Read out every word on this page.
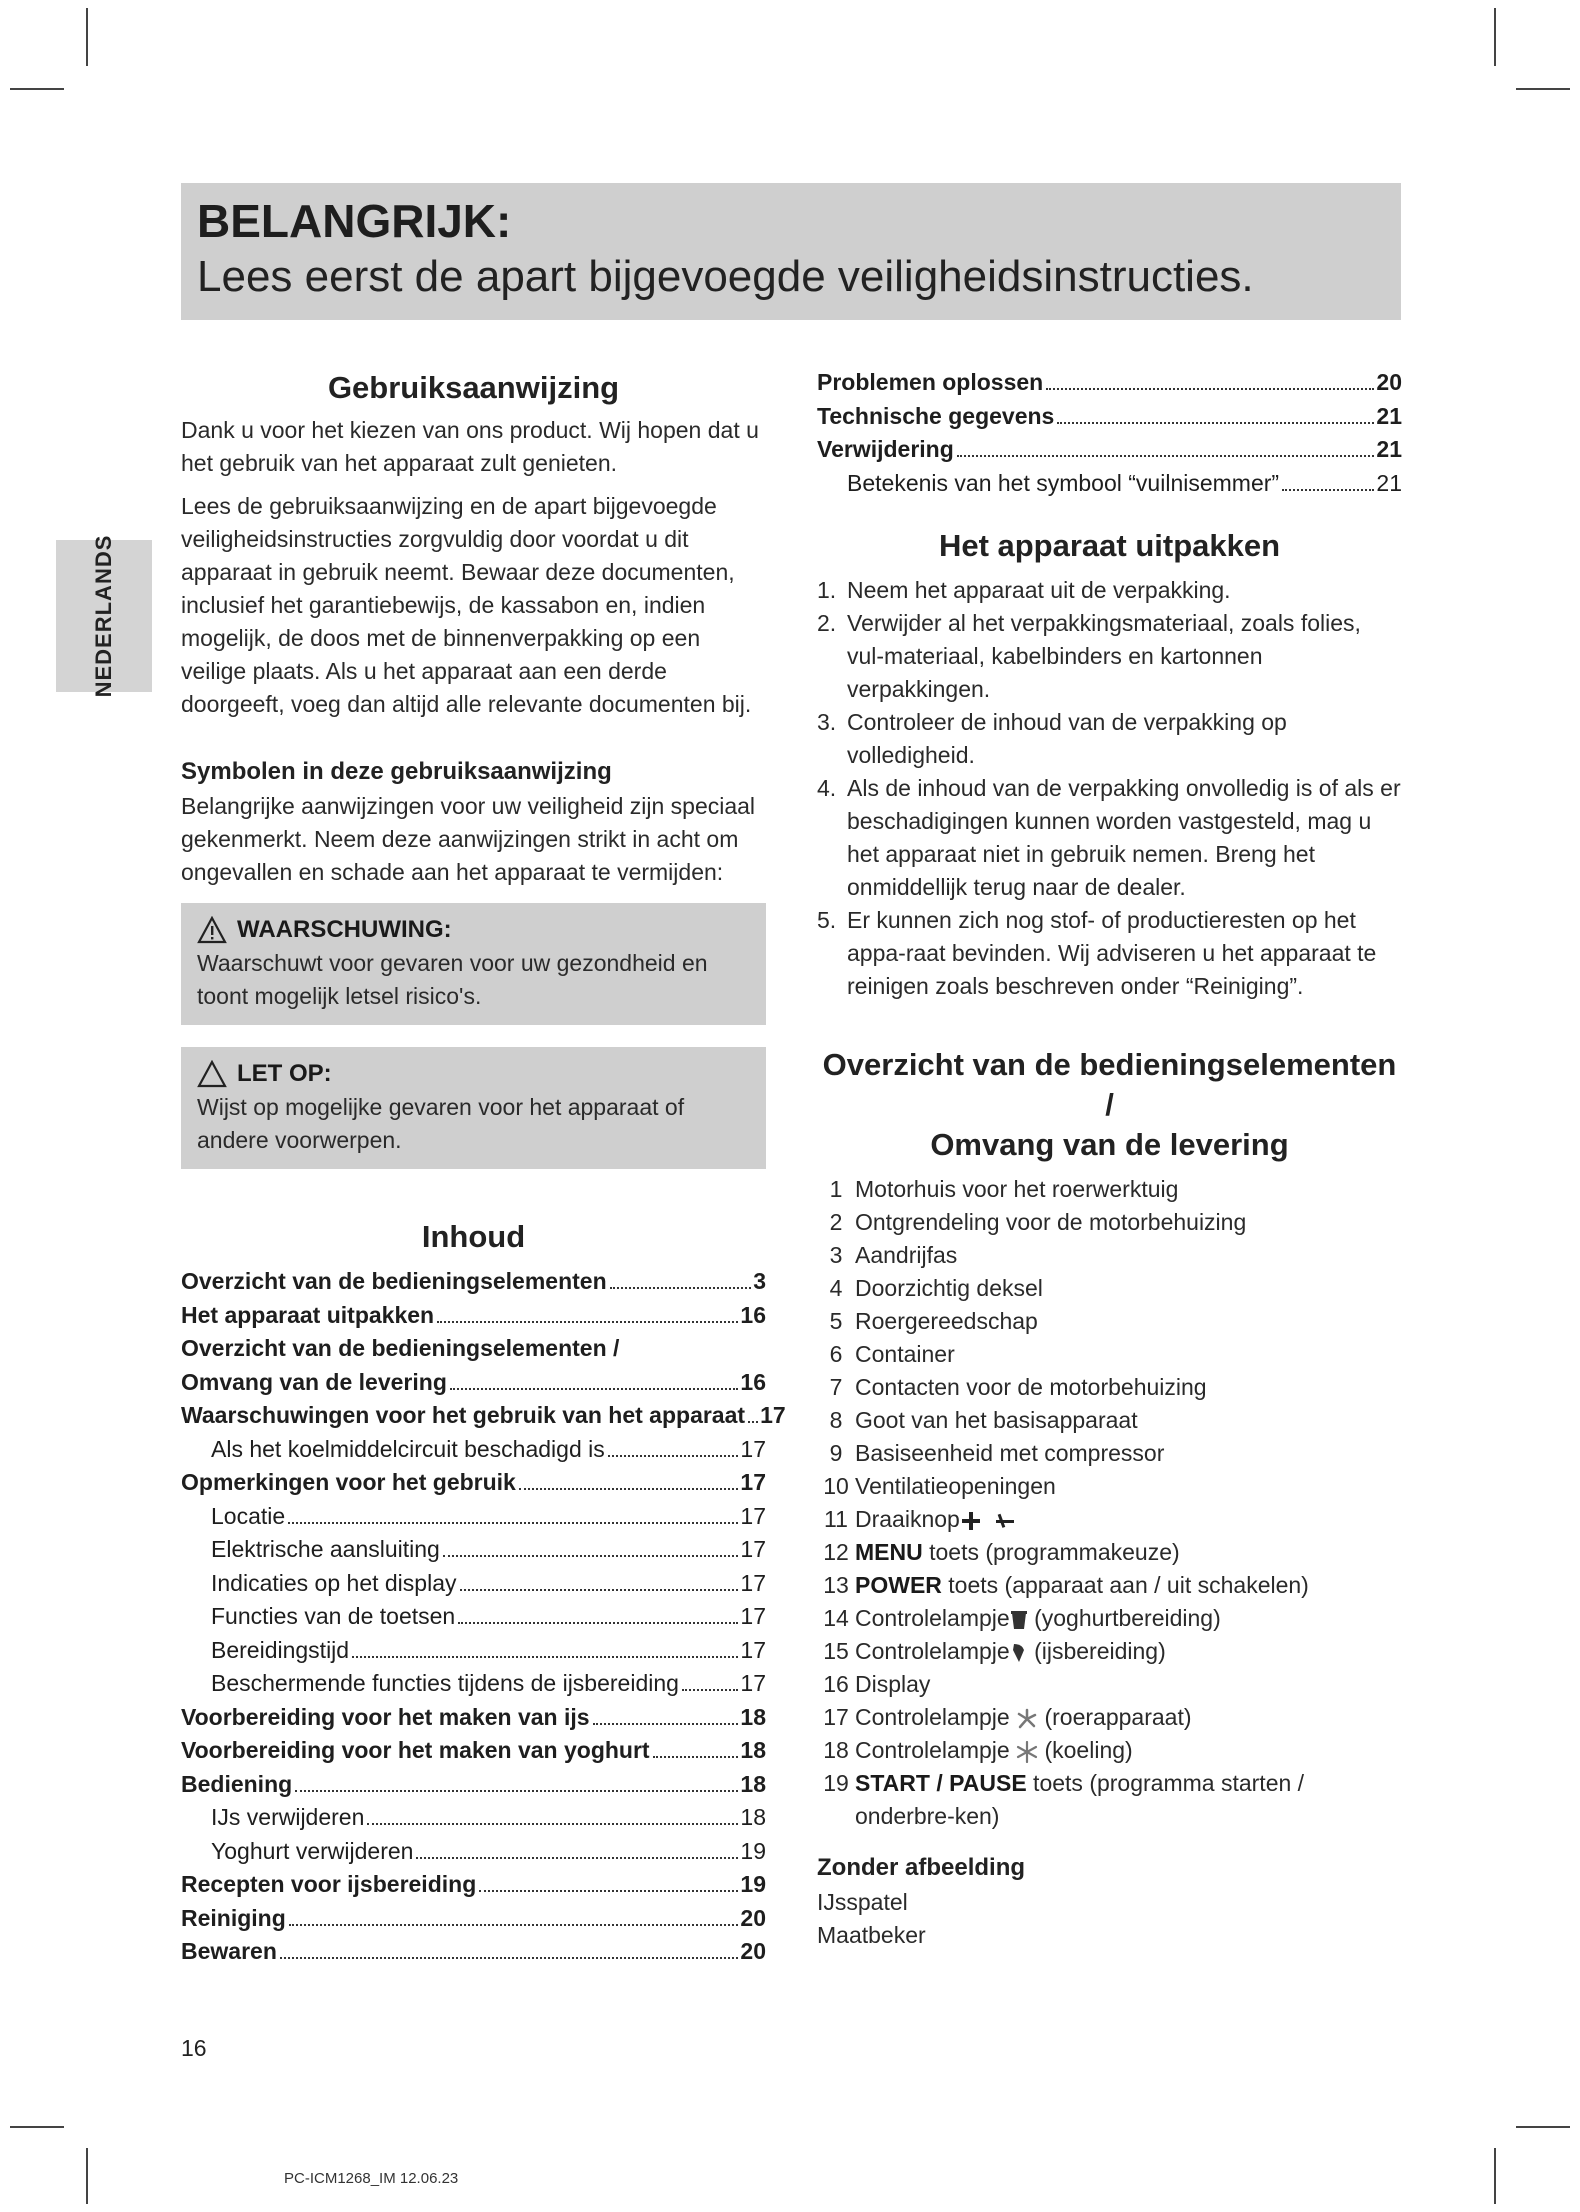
BELANGRIJK:
Lees eerst de apart bijgevoegde veiligheidsinstructies.
NEDERLANDS
Gebruiksaanwijzing

Dank u voor het kiezen van ons product. Wij hopen dat u het gebruik van het apparaat zult genieten.

Lees de gebruiksaanwijzing en de apart bijgevoegde veiligheidsinstructies zorgvuldig door voordat u dit apparaat in gebruik neemt. Bewaar deze documenten, inclusief het garantiebewijs, de kassabon en, indien mogelijk, de doos met de binnenverpakking op een veilige plaats. Als u het apparaat aan een derde doorgeeft, voeg dan altijd alle relevante documenten bij.

Symbolen in deze gebruiksaanwijzing

Belangrijke aanwijzingen voor uw veiligheid zijn speciaal gekenmerkt. Neem deze aanwijzingen strikt in acht om ongevallen en schade aan het apparaat te vermijden:

WAARSCHUWING:
Waarschuwt voor gevaren voor uw gezondheid en toont mogelijk letsel risico's.
LET OP:
Wijst op mogelijke gevaren voor het apparaat of andere voorwerpen.
Inhoud
Overzicht van de bedieningselementen	3
Het apparaat uitpakken	16
Overzicht van de bedieningselementen /
Omvang van de levering	16
Waarschuwingen voor het gebruik van het apparaat 17
Als het koelmiddelcircuit beschadigd is	17
Opmerkingen voor het gebruik	17
Locatie	17
Elektrische aansluiting	17
Indicaties op het display	17
Functies van de toetsen	17
Bereidingstijd	17
Beschermende functies tijdens de ijsbereiding	17
Voorbereiding voor het maken van ijs	18
Voorbereiding voor het maken van yoghurt	18
Bediening	18
IJs verwijderen	18
Yoghurt verwijderen	19
Recepten voor ijsbereiding	19
Reiniging	20
Bewaren	20
Problemen oplossen	20
Technische gegevens	21
Verwijdering	21
Betekenis van het symbool “vuilnisemmer”	21
Het apparaat uitpakken
1. Neem het apparaat uit de verpakking.
2. Verwijder al het verpakkingsmateriaal, zoals folies, vul-materiaal, kabelbinders en kartonnen verpakkingen.
3. Controleer de inhoud van de verpakking op volledigheid.
4. Als de inhoud van de verpakking onvolledig is of als er beschadigingen kunnen worden vastgesteld, mag u het apparaat niet in gebruik nemen. Breng het onmiddellijk terug naar de dealer.
5. Er kunnen zich nog stof- of productieresten op het appa-raat bevinden. Wij adviseren u het apparaat te reinigen zoals beschreven onder “Reiniging”.
Overzicht van de bedieningselementen /
Omvang van de levering
1 Motorhuis voor het roerwerktuig
2 Ontgrendeling voor de motorbehuizing
3 Aandrijfas
4 Doorzichtig deksel
5 Roergereedschap
6 Container
7 Contacten voor de motorbehuizing
8 Goot van het basisapparaat
9 Basiseenheid met compressor
10 Ventilatieopeningen
11 Draaiknop
12 MENU toets (programmakeuze)
13 POWER toets (apparaat aan / uit schakelen)
14 Controlelampje (yoghurtbereiding)
15 Controlelampje (ijsbereiding)
16 Display
17 Controlelampje  (roerapparaat)
18 Controlelampje  (koeling)
19 START / PAUSE toets (programma starten / onderbre-ken)
Zonder afbeelding

IJsspatel

Maatbeker

16
PC-ICM1268_IM 12.06.23
